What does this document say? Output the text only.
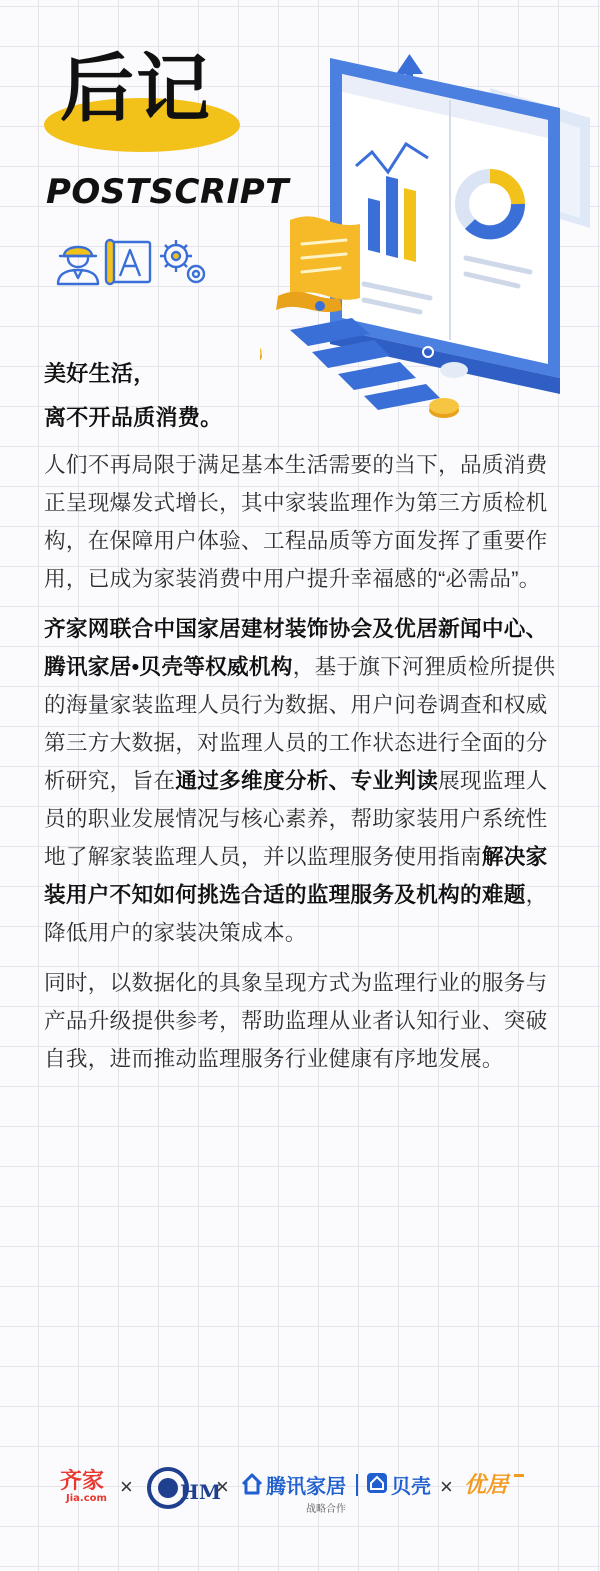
后记
POSTSCRIPT

美好生活，
离不开品质消费。

人们不再局限于满足基本生活需要的当下，品质消费正呈现爆发式增长，其中家装监理作为第三方质检机构，在保障用户体验、工程品质等方面发挥了重要作用，已成为家装消费中用户提升幸福感的“必需品”。

齐家网联合中国家居建材装饰协会及优居新闻中心、腾讯家居•贝壳等权威机构，基于旗下河狸质检所提供的海量家装监理人员行为数据、用户问卷调查和权威第三方大数据，对监理人员的工作状态进行全面的分析研究，旨在通过多维度分析、专业判读展现监理人员的职业发展情况与核心素养，帮助家装用户系统性地了解家装监理人员，并以监理服务使用指南解决家装用户不知如何挑选合适的监理服务及机构的难题，降低用户的家装决策成本。

同时，以数据化的具象呈现方式为监理行业的服务与产品升级提供参考，帮助监理从业者认知行业、突破自我，进而推动监理服务行业健康有序地发展。

齐家
Jia.com × HM
× 腾讯家居
战略合作
贝壳 × 优居
